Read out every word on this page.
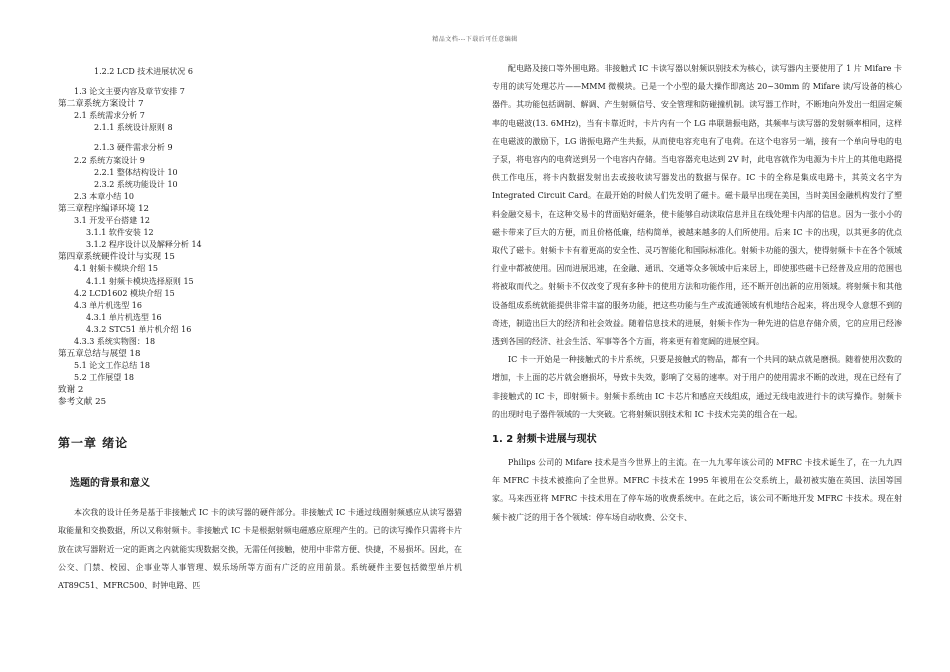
精品文档---下载后可任意编辑
1.2.2 LCD 技术进展状况 6
1.3 论文主要内容及章节安排 7
第二章系统方案设计 7
2.1 系统需求分析 7
2.1.1 系统设计原则 8
2.1.3 硬件需求分析 9
2.2 系统方案设计 9
2.2.1 整体结构设计 10
2.3.2 系统功能设计 10
2.3 本章小结 10
第三章程序编译环境 12
3.1 开发平台搭建 12
3.1.1 软件安装 12
3.1.2 程序设计以及解释分析 14
第四章系统硬件设计与实现 15
4.1 射频卡模块介绍 15
4.1.1 射频卡模块选择原则 15
4.2 LCD1602 模块介绍 15
4.3 单片机选型 16
4.3.1 单片机选型 16
4.3.2 STC51 单片机介绍 16
4.3.3 系统实物图：18
第五章总结与展望 18
5.1 论文工作总结 18
5.2 工作展望 18
致谢 2
参考文献 25
第一章 绪论
选题的背景和意义
本次我的设计任务是基于非接触式 IC 卡的读写器的硬件部分。非接触式 IC 卡通过线圈射频感应从读写器猎取能量和交换数据，所以又称射频卡。非接触式 IC 卡是根据射频电磁感应原理产生的。已的读写操作只需将卡片放在读写器附近一定的距离之内就能实现数据交换，无需任何接触，使用中非常方便、快捷，不易损坏。因此，在公交、门禁、校园、企事业等人事管理、娱乐场所等方面有广泛的应用前景。系统硬件主要包括微型单片机 AT89C51、MFRC500、时钟电路、匹

配电路及接口等外围电路。非接触式 IC 卡读写器以射频识别技术为核心，读写器内主要使用了 1 片 Mifare 卡专用的读写处理芯片——MMM 微模块。已是一个小型的最大操作即离达 20~30mm 的 Mifare 读/写设备的核心器件。其功能包括调制、解调、产生射频信号、安全管理和防碰撞机制。读写器工作时，不断地向外发出一组固定频率的电磁波(13. 6MHz)，当有卡靠近时，卡片内有一个 LG 串联谐振电路，其频率与读写器的发射频率相同，这样在电磁波的激励下，LG 谐振电路产生共振，从而使电容充电有了电荷。在这个电容另一端，接有一个单向导电的电子泵，将电容内的电荷送到另一个电容内存储。当电容器充电达到 2V 时，此电容就作为电源为卡片上的其他电路提供工作电压，将卡内数据发射出去或接收读写器发出的数据与保存。IC 卡的全称是集成电路卡，其英文名字为 Integrated Circuit Card。在最开始的时候人们先发明了磁卡。磁卡最早出现在美国，当时美国金融机构发行了塑料金融交易卡，在这种交易卡的背面贴好磁条，使卡能够自动读取信息并且在线处理卡内部的信息。因为一张小小的磁卡带来了巨大的方便，而且价格低廉，结构简单，被越来越多的人们所使用。后来 IC 卡的出现，以其更多的优点取代了磁卡。射频卡卡有着更高的安全性、灵巧智能化和国际标准化。射频卡功能的强大，使得射频卡卡在各个领域行业中都被使用。因而进展迅速，在金融、通讯、交通等众多领域中后来居上，即使那些磁卡已经普及应用的范围也将被取而代之。射频卡不仅改变了现有多种卡的使用方法和功能作用，还不断开创出新的应用领域。将射频卡和其他设备组成系统就能提供非常丰富的服务功能，把这些功能与生产或流通领域有机地结合起来，将出现令人意想不到的奇迹，制造出巨大的经济和社会效益。随着信息技术的进展，射频卡作为一种先进的信息存储介质，它的应用已经渗透到各国的经济、社会生活、军事等各个方面，将来更有着宽阔的进展空间。

IC 卡一开始是一种接触式的卡片系统，只要是接触式的物品，都有一个共同的缺点就是磨损。随着使用次数的增加，卡上面的芯片就会磨损坏，导致卡失效，影响了交易的速率。对于用户的使用需求不断的改进，现在已经有了非接触式的 IC 卡，即射频卡。射频卡系统由 IC 卡芯片和感应天线组成，通过无线电波进行卡的读写操作。射频卡的出现时电子器件领域的一大突破。它将射频识别技术和 IC 卡技术完美的组合在一起。

1. 2 射频卡进展与现状

Philips 公司的 Mifare 技术是当今世界上的主流。在一九九零年该公司的 MFRC 卡技术诞生了，在一九九四年 MFRC 卡技术被推向了全世界。MFRC 卡技术在 1995 年被用在公交系统上，最初被实施在英国、法国等国家。马来西亚将 MFRC 卡技术用在了停车场的收费系统中。在此之后，该公司不断地开发 MFRC 卡技术。现在射频卡被广泛的用于各个领域：停车场自动收费、公交卡、
